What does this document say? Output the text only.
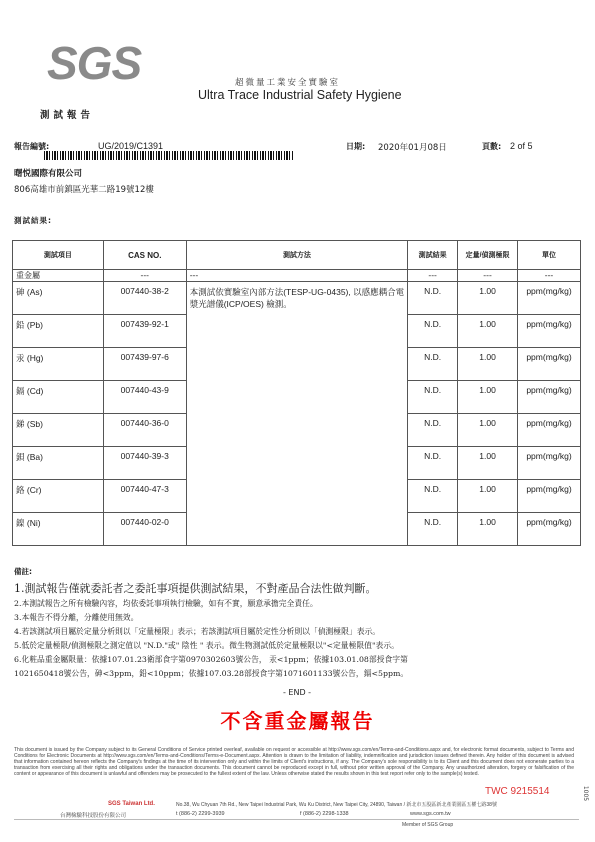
SGS	超微量工業安全實驗室
Ultra Trace Industrial Safety Hygiene
測試報告
報告編號:	UG/2019/C1391	日期: 2020年01月08日	頁數: 2 of 5
曙悦國際有限公司
806高雄市前鎮區光華二路19號12樓
測試結果:
測試項目	CAS NO.	測試方法	測試結果	定量/偵測極限	單位
重金屬	---	---	---	---	---
砷 (As)	007440-38-2	本測試依實驗室內部方法(TESP-UG-0435), 以感應耦合電漿光譜儀(ICP/OES) 檢測。	N.D.	1.00	ppm(mg/kg)
鉛 (Pb)	007439-92-1		N.D.	1.00	ppm(mg/kg)
汞 (Hg)	007439-97-6		N.D.	1.00	ppm(mg/kg)
鎘 (Cd)	007440-43-9		N.D.	1.00	ppm(mg/kg)
銻 (Sb)	007440-36-0		N.D.	1.00	ppm(mg/kg)
鋇 (Ba)	007440-39-3		N.D.	1.00	ppm(mg/kg)
鉻 (Cr)	007440-47-3		N.D.	1.00	ppm(mg/kg)
鎳 (Ni)	007440-02-0		N.D.	1.00	ppm(mg/kg)
備註:
1.測試報告僅就委託者之委託事項提供測試結果，不對產品合法性做判斷。
2.本測試報告之所有檢驗內容，均依委託事項執行檢驗，如有不實，願意承擔完全責任。
3.本報告不得分離，分離使用無效。
4.若該測試項目屬於定量分析則以「定量極限」表示；若該測試項目屬於定性分析則以「偵測極限」表示。
5.低於定量極限/偵測極限之測定值以 "N.D."或" 陰性 " 表示。微生物測試低於定量極限以"<定量極限值"表示。
6.化粧品重金屬限量：依據107.01.23衛部食字第0970302603號公告， 汞<1ppm；依據103.01.08部授食字第
1021650418號公告，砷<3ppm，鉛<10ppm；依據107.03.28部授食字第1071601133號公告，鎘<5ppm。
- END -
不含重金屬報告
This document is issued by the Company subject to its General Conditions of Service printed overleaf, available on request or accessible at http://www.sgs.com/en/Terms-and-Conditions.aspx and, for electronic format documents, subject to Terms and Conditions for Electronic Documents at http://www.sgs.com/en/Terms-and-Conditions/Terms-e-Document.aspx. Attention is drawn to the limitation of liability, indemnification and jurisdiction issues defined therein. Any holder of this document is advised that information contained hereon reflects the Company's findings at the time of its intervention only and within the limits of Client's instructions, if any. The Company's sole responsibility is to its Client and this document does not exonerate parties to a transaction from exercising all their rights and obligations under the transaction documents. This document cannot be reproduced except in full, without prior written approval of the Company. Any unauthorized alteration, forgery or falsification of the content or appearance of this document is unlawful and offenders may be prosecuted to the fullest extent of the law. Unless otherwise stated the results shown in this test report refer only to the sample(s) tested.
TWC 9215514	1005
SGS Taiwan Ltd.
台灣檢驗科技股份有限公司
No.38, Wu Chyuan 7th Rd., New Taipei Industrial Park, Wu Ku District, New Taipei City, 24890, Taiwan / 新北市五股區新北產業園區五權七路38號
t (886-2) 2299-3939	f (886-2) 2298-1338	www.sgs.com.tw
Member of SGS Group
